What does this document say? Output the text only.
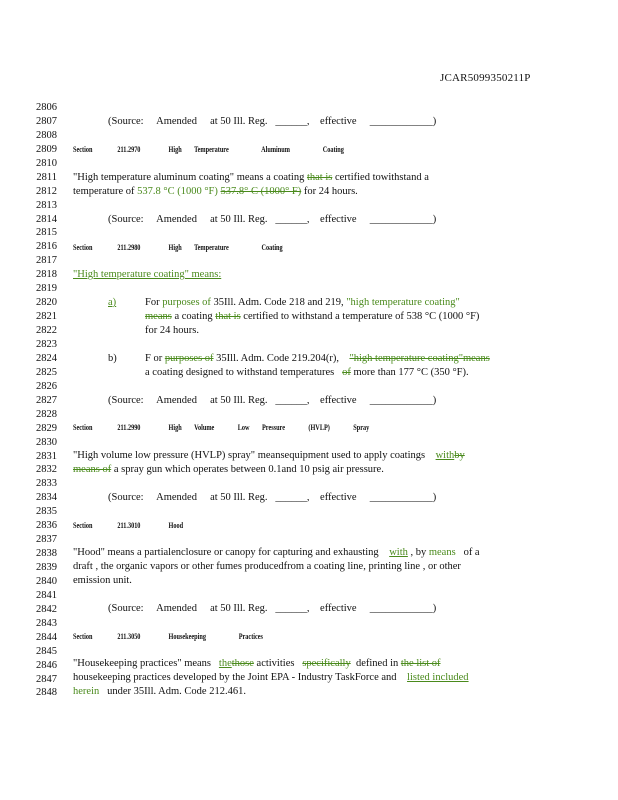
JCAR5099350211P
2806
2807
2808
2809
2810
2811
2812
2813
2814
2815
2816
2817
2818
2819
2820
2821
2822
2823
2824
2825
2826
2827
2828
2829
2830
2831
2832
2833
2834
2835
2836
2837
2838
2839
2840
2841
2842
2843
2844
2845
2846
2847
2848
(Source: Amended at 50 Ill. Reg. ______, effective ____________)
Section	211.2970	High Temperature	Aluminum	Coating
"High temperature aluminum coating" means a coating that is certified towithstand a
temperature of 537.8 °C (1000 °F) 537.8° C (1000° F) for 24 hours.
(Source: Amended at 50 Ill. Reg. ______, effective ____________)
Section	211.2980	High Temperature	Coating
"High temperature coating" means:
a)	For purposes of 35Ill. Adm. Code 218 and 219, "high temperature coating"
means a coating that is certified to withstand a temperature of 538 °C (1000 °F)
for 24 hours.
b)	F or purposes of 35Ill. Adm. Code 219.204(r), "high temperature coating"means
a coating designed to withstand temperatures of more than 177 °C (350 °F).
(Source: Amended at 50 Ill. Reg. ______, effective ____________)
Section	211.2990	High Volume	Low Pressure	(HVLP)	Spray
"High volume low pressure (HVLP) spray" meansequipment used to apply coatings withby
means of a spray gun which operates between 0.1and 10 psig air pressure.
(Source: Amended at 50 Ill. Reg. ______, effective ____________)
Section	211.3010	Hood
"Hood" means a partialenclosure or canopy for capturing and exhausting with , by means of a
draft , the organic vapors or other fumes producedfrom a coating line, printing line , or other
emission unit.
(Source: Amended at 50 Ill. Reg. ______, effective ____________)
Section	211.3050	Housekeeping	Practices
"Housekeeping practices" means thethose activities specifically defined in the list of
housekeeping practices developed by the Joint EPA - Industry TaskForce and listed included
herein under 35Ill. Adm. Code 212.461.
